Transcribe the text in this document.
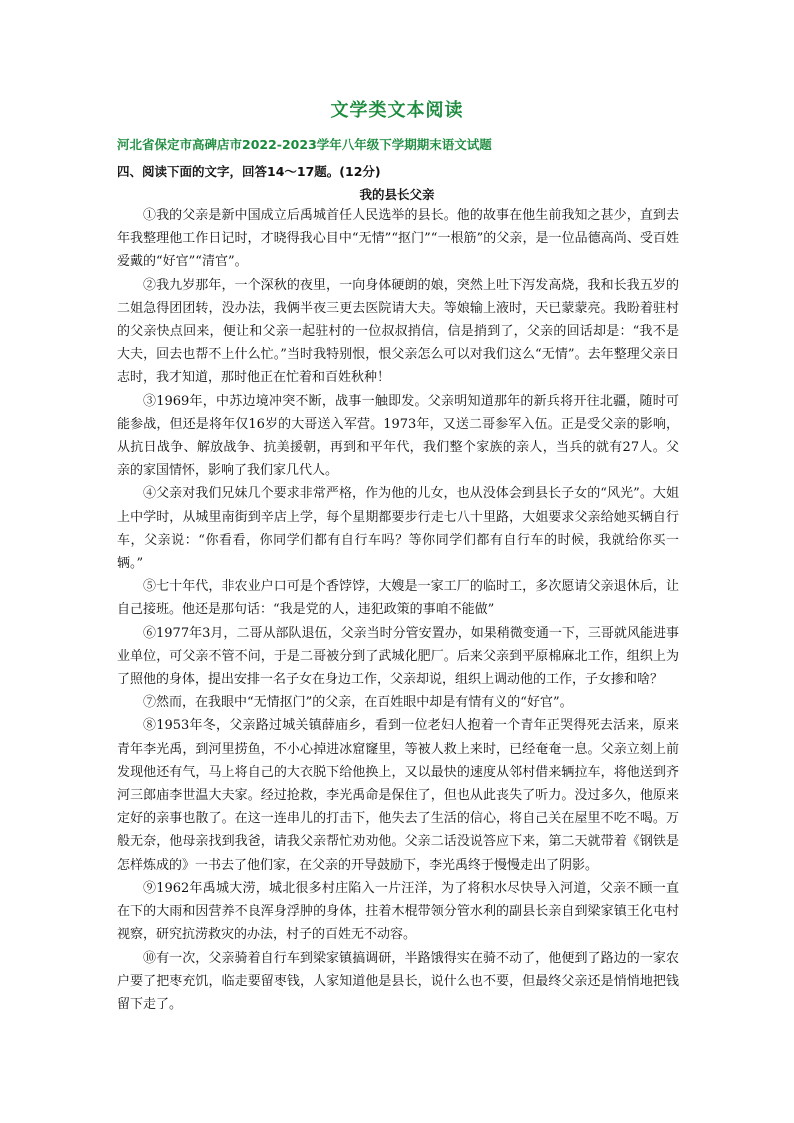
文学类文本阅读
河北省保定市高碑店市2022-2023学年八年级下学期期末语文试题
四、阅读下面的文字，回答14～17题。(12分)
我的县长父亲

①我的父亲是新中国成立后禹城首任人民选举的县长。他的故事在他生前我知之甚少，直到去年我整理他工作日记时，才晓得我心目中“无情”“抠门”“一根筋”的父亲，是一位品德高尚、受百姓爱戴的“好官”“清官”。

②我九岁那年，一个深秋的夜里，一向身体硬朗的娘，突然上吐下泻发高烧，我和长我五岁的二姐急得团团转，没办法，我俩半夜三更去医院请大夫。等娘输上液时，天已蒙蒙亮。我盼着驻村的父亲快点回来，便让和父亲一起驻村的一位叔叔捎信，信是捎到了，父亲的回话却是：“我不是大夫，回去也帮不上什么忙。”当时我特别恨，恨父亲怎么可以对我们这么“无情”。去年整理父亲日志时，我才知道，那时他正在忙着和百姓秋种！

③1969年，中苏边境冲突不断，战事一触即发。父亲明知道那年的新兵将开往北疆，随时可能参战，但还是将年仅16岁的大哥送入军营。1973年，又送二哥参军入伍。正是受父亲的影响，从抗日战争、解放战争、抗美援朝，再到和平年代，我们整个家族的亲人，当兵的就有27人。父亲的家国情怀，影响了我们家几代人。

④父亲对我们兄妹几个要求非常严格，作为他的儿女，也从没体会到县长子女的“风光”。大姐上中学时，从城里南街到辛店上学，每个星期都要步行走七八十里路，大姐要求父亲给她买辆自行车，父亲说：“你看看，你同学们都有自行车吗？等你同学们都有自行车的时候，我就给你买一辆。”

⑤七十年代，非农业户口可是个香饽饽，大嫂是一家工厂的临时工，多次愿请父亲退休后，让自己接班。他还是那句话：“我是党的人，违犯政策的事咱不能做”

⑥1977年3月，二哥从部队退伍，父亲当时分管安置办，如果稍微变通一下，三哥就风能进事业单位，可父亲不管不问，于是二哥被分到了武城化肥厂。后来父亲到平原棉麻北工作，组织上为了照他的身体，提出安排一名子女在身边工作，父亲却说，组织上调动他的工作，子女掺和啥？

⑦然而，在我眼中“无情抠门”的父亲，在百姓眼中却是有情有义的“好官”。

⑧1953年冬，父亲路过城关镇薛庙乡，看到一位老妇人抱着一个青年正哭得死去活来，原来青年李光禹，到河里捞鱼，不小心掉进冰窟窿里，等被人救上来时，已经奄奄一息。父亲立刻上前发现他还有气，马上将自己的大衣脱下给他换上，又以最快的速度从邻村借来辆拉车，将他送到齐河三郎庙李世温大夫家。经过抢救，李光禹命是保住了，但也从此丧失了听力。没过多久，他原来定好的亲事也散了。在这一连串儿的打击下，他失去了生活的信心，将自己关在屋里不吃不喝。万般无奈，他母亲找到我爸，请我父亲帮忙劝劝他。父亲二话没说答应下来，第二天就带着《钢铁是怎样炼成的》一书去了他们家，在父亲的开导鼓励下，李光禹终于慢慢走出了阴影。

⑨1962年禹城大涝，城北很多村庄陷入一片汪洋，为了将积水尽快导入河道，父亲不顾一直在下的大雨和因营养不良浑身浮肿的身体，拄着木棍带领分管水利的副县长亲自到梁家镇王化屯村视察，研究抗涝救灾的办法，村子的百姓无不动容。

⑩有一次，父亲骑着自行车到梁家镇搞调研，半路饿得实在骑不动了，他便到了路边的一家农户要了把枣充饥，临走要留枣钱，人家知道他是县长，说什么也不要，但最终父亲还是悄悄地把钱留下走了。
